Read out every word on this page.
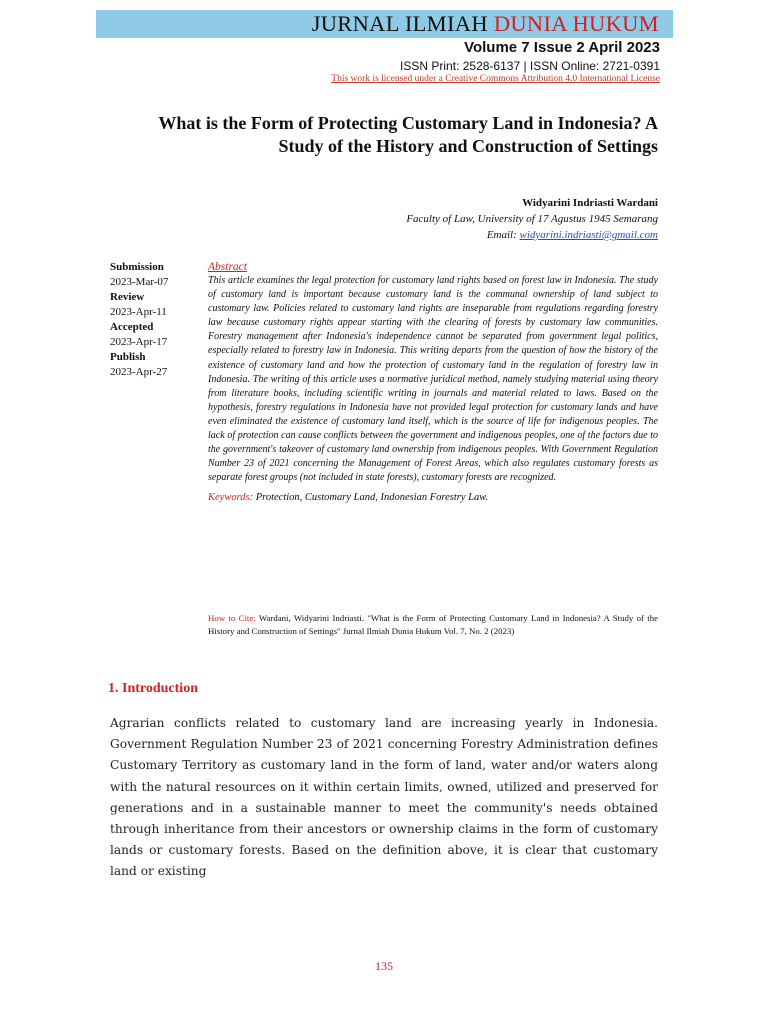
JURNAL ILMIAH DUNIA HUKUM
Volume 7 Issue 2 April 2023
ISSN Print: 2528-6137 | ISSN Online: 2721-0391
This work is licensed under a Creative Commons Attribution 4.0 International License
What is the Form of Protecting Customary Land in Indonesia? A Study of the History and Construction of Settings
Widyarini Indriasti Wardani
Faculty of Law, University of 17 Agustus 1945 Semarang
Email: widyarini.indriasti@gmail.com
Submission
2023-Mar-07
Review
2023-Apr-11
Accepted
2023-Apr-17
Publish
2023-Apr-27
Abstract

This article examines the legal protection for customary land rights based on forest law in Indonesia. The study of customary land is important because customary land is the communal ownership of land subject to customary law. Policies related to customary land rights are inseparable from regulations regarding forestry law because customary rights appear starting with the clearing of forests by customary law communities. Forestry management after Indonesia's independence cannot be separated from government legal politics, especially related to forestry law in Indonesia. This writing departs from the question of how the history of the existence of customary land and how the protection of customary land in the regulation of forestry law in Indonesia. The writing of this article uses a normative juridical method, namely studying material using theory from literature books, including scientific writing in journals and material related to laws. Based on the hypothesis, forestry regulations in Indonesia have not provided legal protection for customary lands and have even eliminated the existence of customary land itself, which is the source of life for indigenous peoples. The lack of protection can cause conflicts between the government and indigenous peoples, one of the factors due to the government's takeover of customary land ownership from indigenous peoples. With Government Regulation Number 23 of 2021 concerning the Management of Forest Areas, which also regulates customary forests as separate forest groups (not included in state forests), customary forests are recognized.

Keywords: Protection, Customary Land, Indonesian Forestry Law.
How to Cite: Wardani, Widyarini Indriasti. "What is the Form of Protecting Customary Land in Indonesia? A Study of the History and Construction of Settings" Jurnal Ilmiah Dunia Hukum Vol. 7, No. 2 (2023)
1. Introduction

Agrarian conflicts related to customary land are increasing yearly in Indonesia. Government Regulation Number 23 of 2021 concerning Forestry Administration defines Customary Territory as customary land in the form of land, water and/or waters along with the natural resources on it within certain limits, owned, utilized and preserved for generations and in a sustainable manner to meet the community's needs obtained through inheritance from their ancestors or ownership claims in the form of customary lands or customary forests. Based on the definition above, it is clear that customary land or existing

135
